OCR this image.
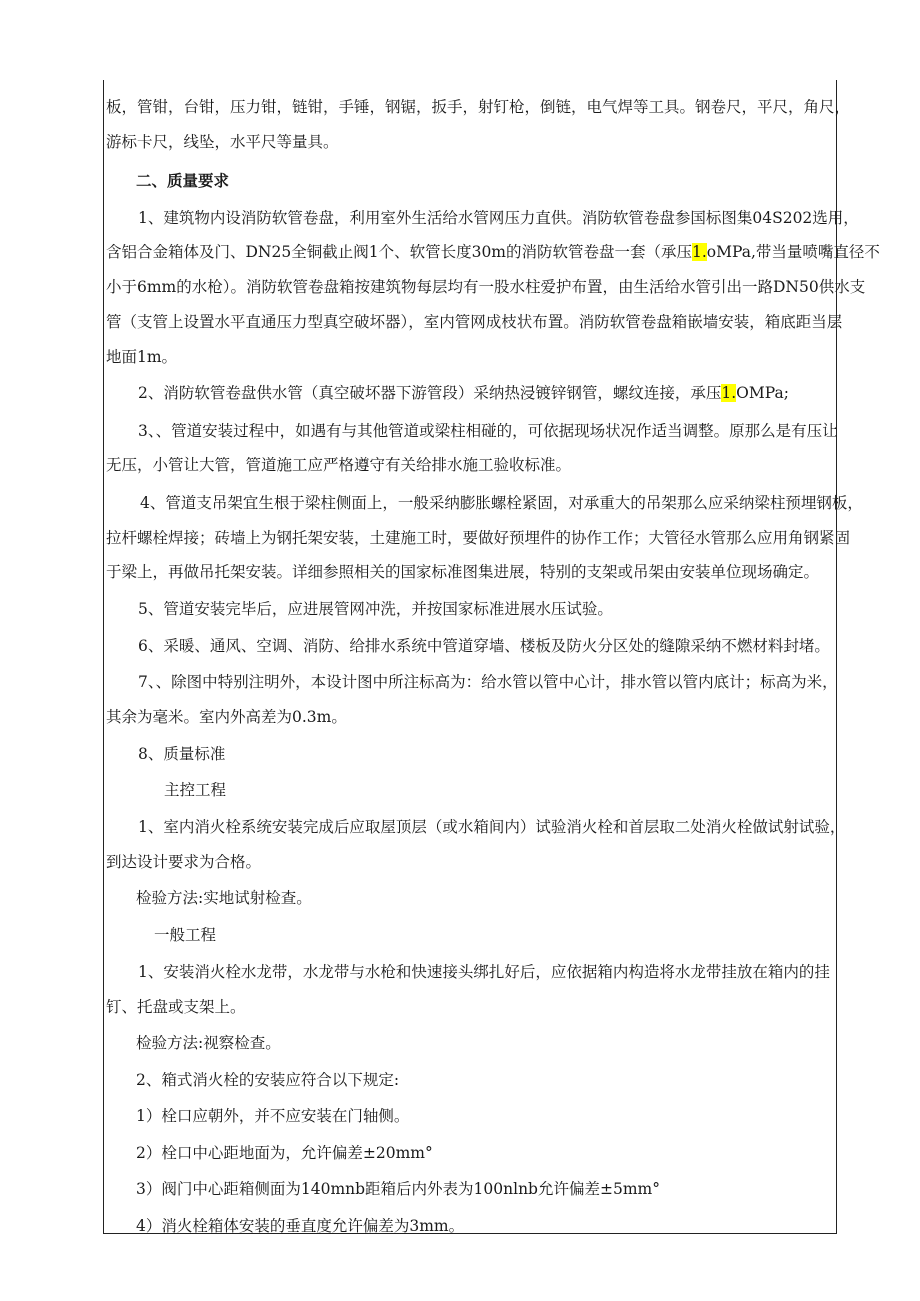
板，管钳，台钳，压力钳，链钳，手锤，钢锯，扳手，射钉枪，倒链，电气焊等工具。钢卷尺，平尺，角尺，
游标卡尺，线坠，水平尺等量具。
二、质量要求
1、建筑物内设消防软管卷盘，利用室外生活给水管网压力直供。消防软管卷盘参国标图集04S202选用，
含铝合金箱体及门、DN25全铜截止阀1个、软管长度30m的消防软管卷盘一套（承压1.oMPa,带当量喷嘴直径不
小于6mm的水枪）。消防软管卷盘箱按建筑物每层均有一股水柱爱护布置，由生活给水管引出一路DN50供水支
管（支管上设置水平直通压力型真空破坏器），室内管网成枝状布置。消防软管卷盘箱嵌墙安装，箱底距当层
地面1m。
2、消防软管卷盘供水管（真空破坏器下游管段）采纳热浸镀锌钢管，螺纹连接，承压1.OMPa;
3、、管道安装过程中，如遇有与其他管道或梁柱相碰的，可依据现场状况作适当调整。原那么是有压让
无压，小管让大管，管道施工应严格遵守有关给排水施工验收标准。
4、管道支吊架宜生根于梁柱侧面上，一般采纳膨胀螺栓紧固，对承重大的吊架那么应采纳梁柱预埋钢板，
拉杆螺栓焊接；砖墙上为钢托架安装，土建施工时，要做好预埋件的协作工作；大管径水管那么应用角钢紧固
于梁上，再做吊托架安装。详细参照相关的国家标准图集进展，特别的支架或吊架由安装单位现场确定。
5、管道安装完毕后，应进展管网冲洗，并按国家标准进展水压试验。
6、采暖、通风、空调、消防、给排水系统中管道穿墙、楼板及防火分区处的缝隙采纳不燃材料封堵。
7、、除图中特别注明外，本设计图中所注标高为：给水管以管中心计，排水管以管内底计；标高为米，
其余为毫米。室内外高差为0.3m。
8、质量标准
主控工程
1、室内消火栓系统安装完成后应取屋顶层（或水箱间内）试验消火栓和首层取二处消火栓做试射试验，
到达设计要求为合格。
检验方法:实地试射检查。
一般工程
1、安装消火栓水龙带，水龙带与水枪和快速接头绑扎好后，应依据箱内构造将水龙带挂放在箱内的挂
钉、托盘或支架上。
检验方法:视察检查。
2、箱式消火栓的安装应符合以下规定:
1）栓口应朝外，并不应安装在门轴侧。
2）栓口中心距地面为，允许偏差±20mm°
3）阀门中心距箱侧面为140mnb距箱后内外表为100nlnb允许偏差±5mm°
4）消火栓箱体安装的垂直度允许偏差为3mm。
